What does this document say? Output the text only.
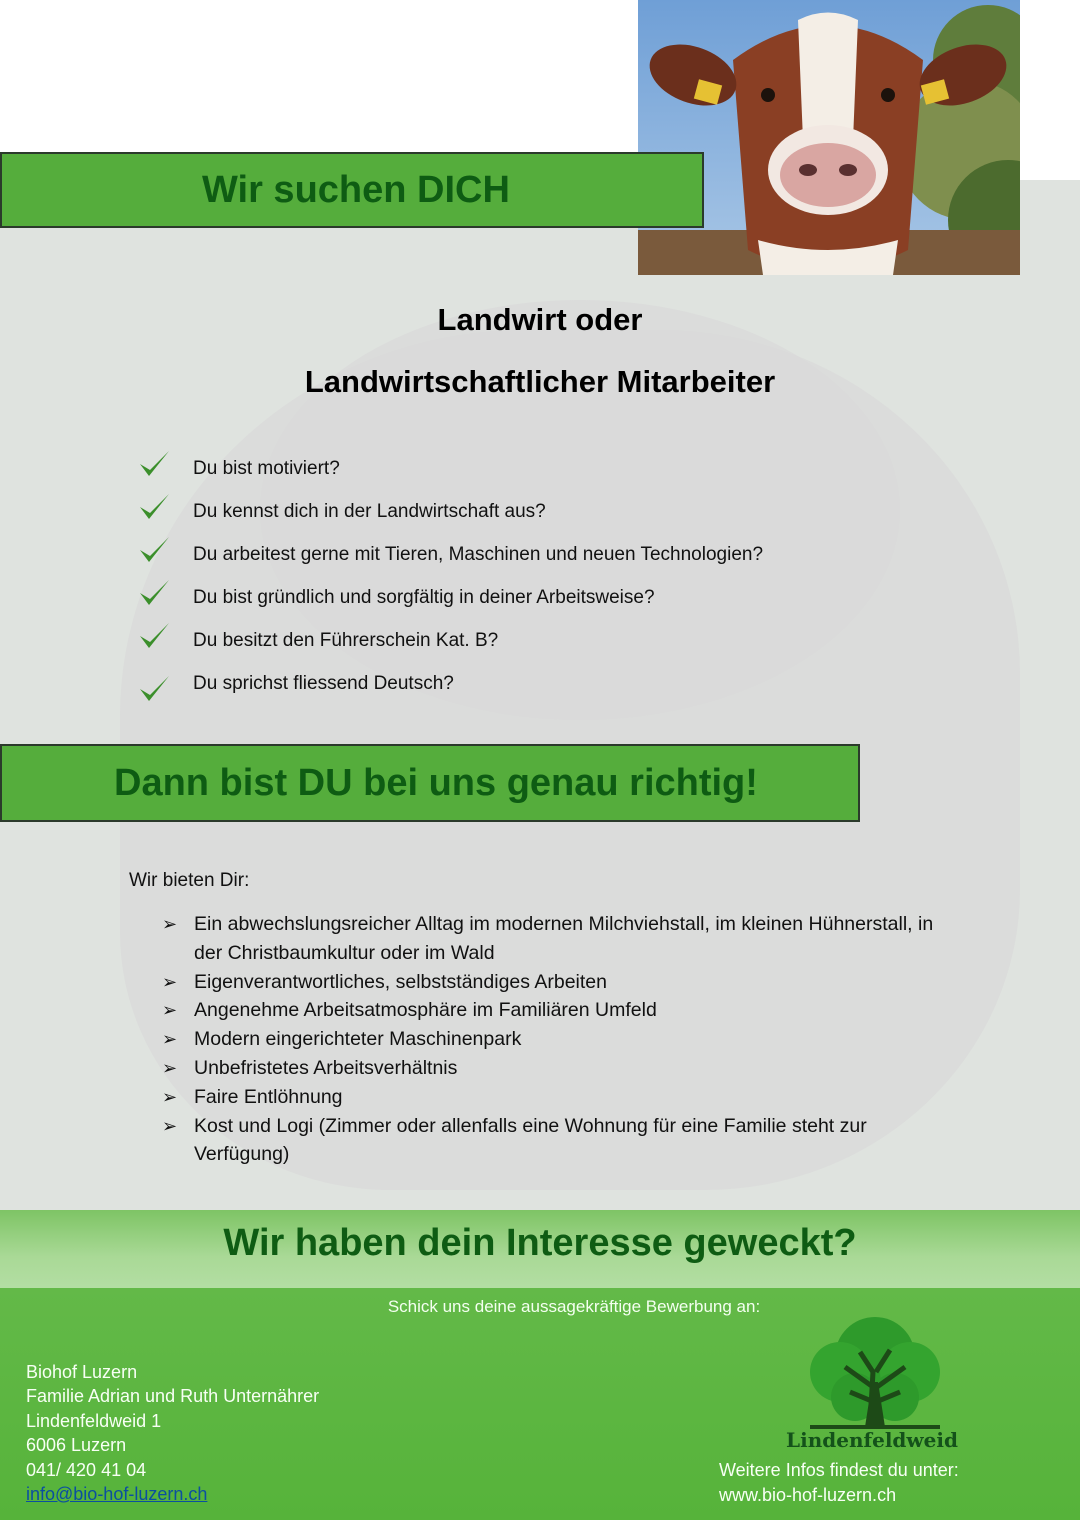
Wir suchen DICH
Landwirt oder
Landwirtschaftlicher Mitarbeiter
Du bist motiviert?
Du kennst dich in der Landwirtschaft aus?
Du arbeitest gerne mit Tieren, Maschinen und neuen Technologien?
Du bist gründlich und sorgfältig in deiner Arbeitsweise?
Du besitzt den Führerschein Kat. B?
Du sprichst fliessend Deutsch?
Dann bist DU bei uns genau richtig!
Wir bieten Dir:
➢ Ein abwechslungsreicher Alltag im modernen Milchviehstall, im kleinen Hühnerstall, in der Christbaumkultur oder im Wald
➢ Eigenverantwortliches, selbstständiges Arbeiten
➢ Angenehme Arbeitsatmosphäre im Familiären Umfeld
➢ Modern eingerichteter Maschinenpark
➢ Unbefristetes Arbeitsverhältnis
➢ Faire Entlöhnung
➢ Kost und Logi (Zimmer oder allenfalls eine Wohnung für eine Familie steht zur Verfügung)
Wir haben dein Interesse geweckt?
Schick uns deine aussagekräftige Bewerbung an:
Biohof Luzern
Familie Adrian und Ruth Unternährer
Lindenfeldweid 1
6006 Luzern
041/ 420 41 04
info@bio-hof-luzern.ch
Lindenfeldweid
Weitere Infos findest du unter:
www.bio-hof-luzern.ch
